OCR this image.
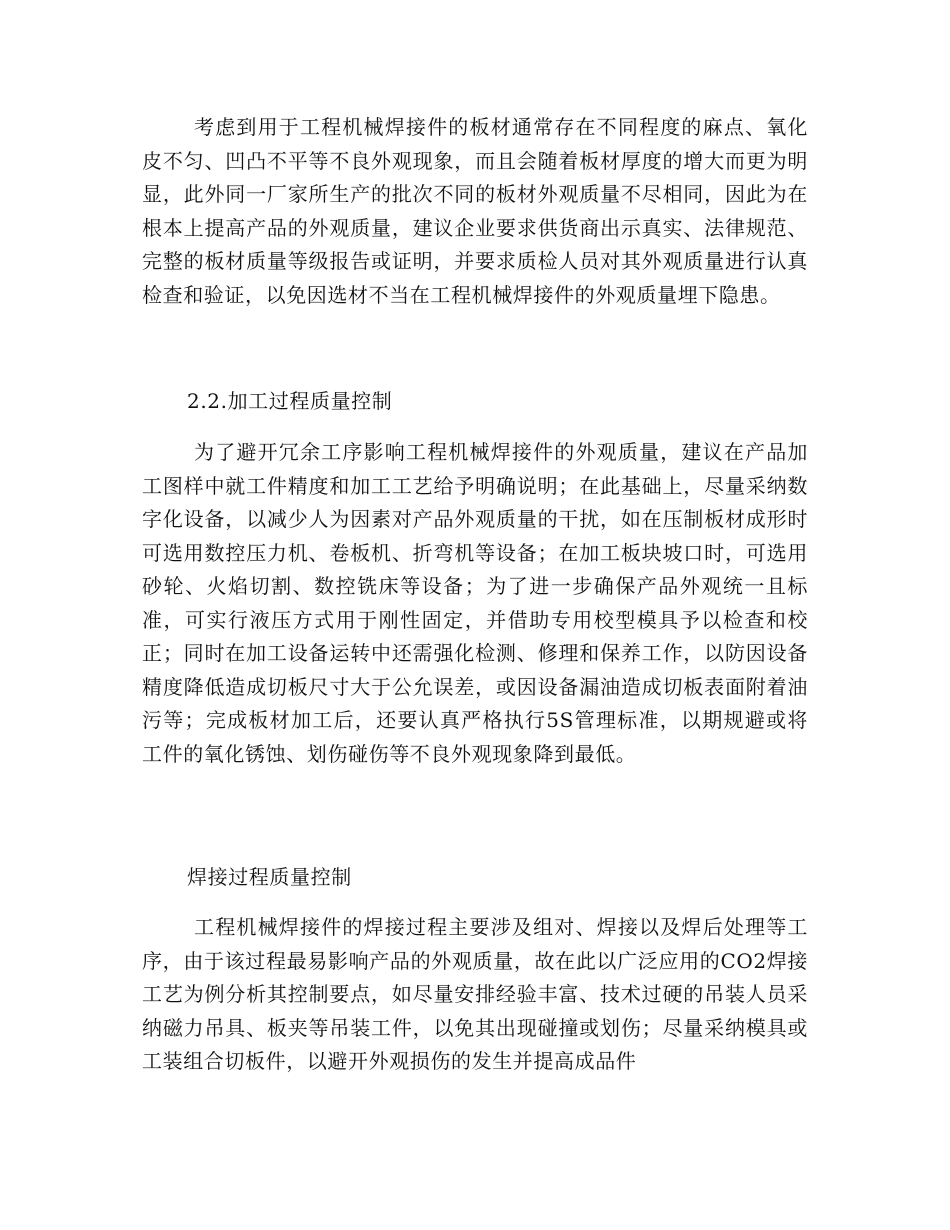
考虑到用于工程机械焊接件的板材通常存在不同程度的麻点、氧化皮不匀、凹凸不平等不良外观现象，而且会随着板材厚度的增大而更为明显，此外同一厂家所生产的批次不同的板材外观质量不尽相同，因此为在根本上提高产品的外观质量，建议企业要求供货商出示真实、法律规范、完整的板材质量等级报告或证明，并要求质检人员对其外观质量进行认真检查和验证，以免因选材不当在工程机械焊接件的外观质量埋下隐患。

2.2.加工过程质量控制

为了避开冗余工序影响工程机械焊接件的外观质量，建议在产品加工图样中就工件精度和加工工艺给予明确说明；在此基础上，尽量采纳数字化设备，以减少人为因素对产品外观质量的干扰，如在压制板材成形时可选用数控压力机、卷板机、折弯机等设备；在加工板块坡口时，可选用砂轮、火焰切割、数控铣床等设备；为了进一步确保产品外观统一且标准，可实行液压方式用于刚性固定，并借助专用校型模具予以检查和校正；同时在加工设备运转中还需强化检测、修理和保养工作，以防因设备精度降低造成切板尺寸大于公允误差，或因设备漏油造成切板表面附着油污等；完成板材加工后，还要认真严格执行5S管理标准，以期规避或将工件的氧化锈蚀、划伤碰伤等不良外观现象降到最低。

焊接过程质量控制

工程机械焊接件的焊接过程主要涉及组对、焊接以及焊后处理等工序，由于该过程最易影响产品的外观质量，故在此以广泛应用的CO2焊接工艺为例分析其控制要点，如尽量安排经验丰富、技术过硬的吊装人员采纳磁力吊具、板夹等吊装工件，以免其出现碰撞或划伤；尽量采纳模具或工装组合切板件，以避开外观损伤的发生并提高成品件
